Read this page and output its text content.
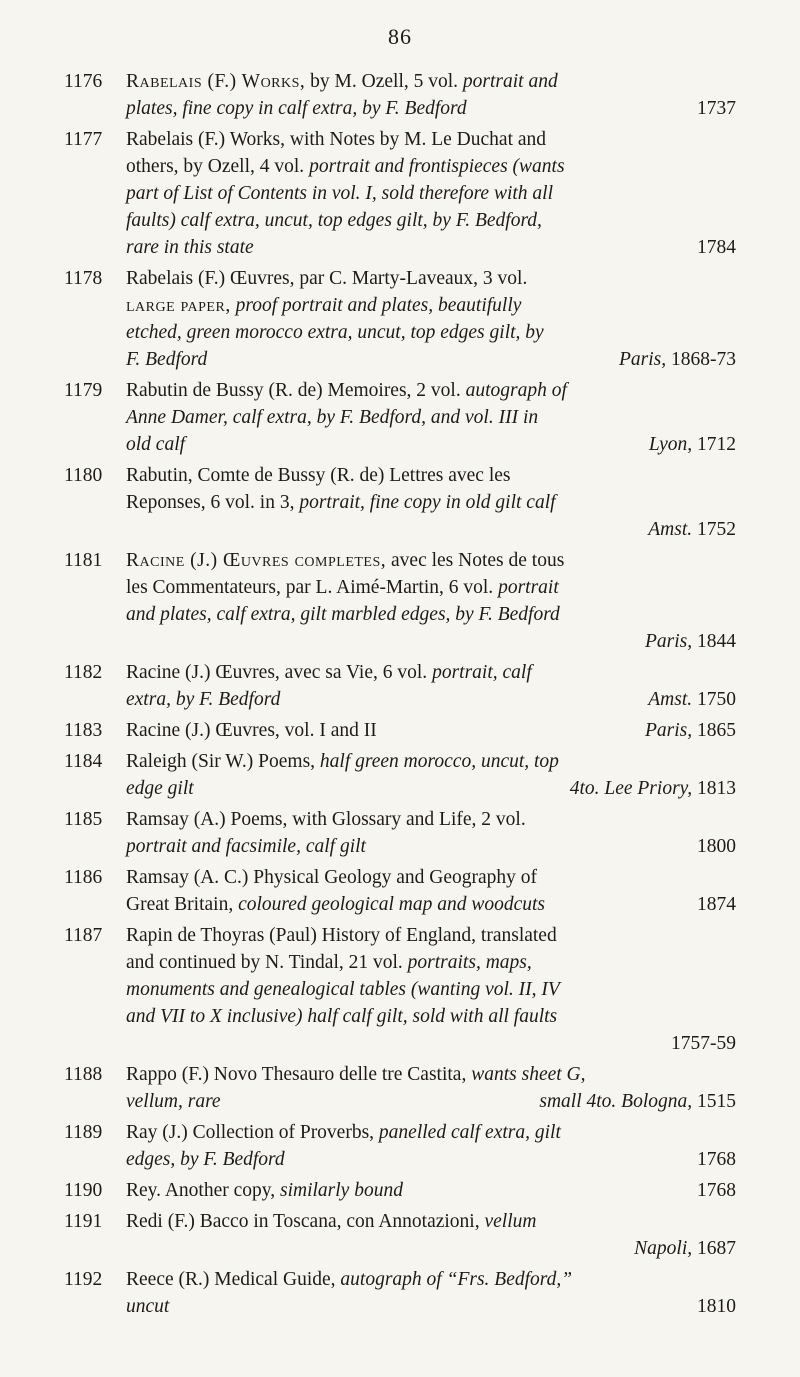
86
1176	Rabelais (F.) Works, by M. Ozell, 5 vol. portrait and
plates, fine copy in calf extra, by F. Bedford	1737
1177	Rabelais (F.) Works, with Notes by M. Le Duchat and
others, by Ozell, 4 vol. portrait and frontispieces (wants
part of List of Contents in vol. I, sold therefore with all
faults) calf extra, uncut, top edges gilt, by F. Bedford,
rare in this state	1784
1178	Rabelais (F.) Œuvres, par C. Marty-Laveaux, 3 vol.
large paper, proof portrait and plates, beautifully
etched, green morocco extra, uncut, top edges gilt, by
F. Bedford	Paris, 1868-73
1179	Rabutin de Bussy (R. de) Memoires, 2 vol. autograph of
Anne Damer, calf extra, by F. Bedford, and vol. III in
old calf	Lyon, 1712
1180	Rabutin, Comte de Bussy (R. de) Lettres avec les
Reponses, 6 vol. in 3, portrait, fine copy in old gilt calf
Amst. 1752

1181	Racine (J.) Œuvres completes, avec les Notes de tous
les Commentateurs, par L. Aimé-Martin, 6 vol. portrait
and plates, calf extra, gilt marbled edges, by F. Bedford
Paris, 1844

1182	Racine (J.) Œuvres, avec sa Vie, 6 vol. portrait, calf
extra, by F. Bedford	Amst. 1750
1183	Racine (J.) Œuvres, vol. I and II	Paris, 1865
1184	Raleigh (Sir W.) Poems, half green morocco, uncut, top
edge gilt	4to. Lee Priory, 1813
1185	Ramsay (A.) Poems, with Glossary and Life, 2 vol.
portrait and facsimile, calf gilt	1800
1186	Ramsay (A. C.) Physical Geology and Geography of
Great Britain, coloured geological map and woodcuts	1874
1187	Rapin de Thoyras (Paul) History of England, translated
and continued by N. Tindal, 21 vol. portraits, maps,
monuments and genealogical tables (wanting vol. II, IV
and VII to X inclusive) half calf gilt, sold with all faults
1757-59

1188	Rappo (F.) Novo Thesauro delle tre Castita, wants sheet G,
vellum, rare	small 4to. Bologna, 1515
1189	Ray (J.) Collection of Proverbs, panelled calf extra, gilt
edges, by F. Bedford	1768
1190	Rey. Another copy, similarly bound	1768
1191	Redi (F.) Bacco in Toscana, con Annotazioni, vellum
Napoli, 1687

1192	Reece (R.) Medical Guide, autograph of “Frs. Bedford,”
uncut	1810
